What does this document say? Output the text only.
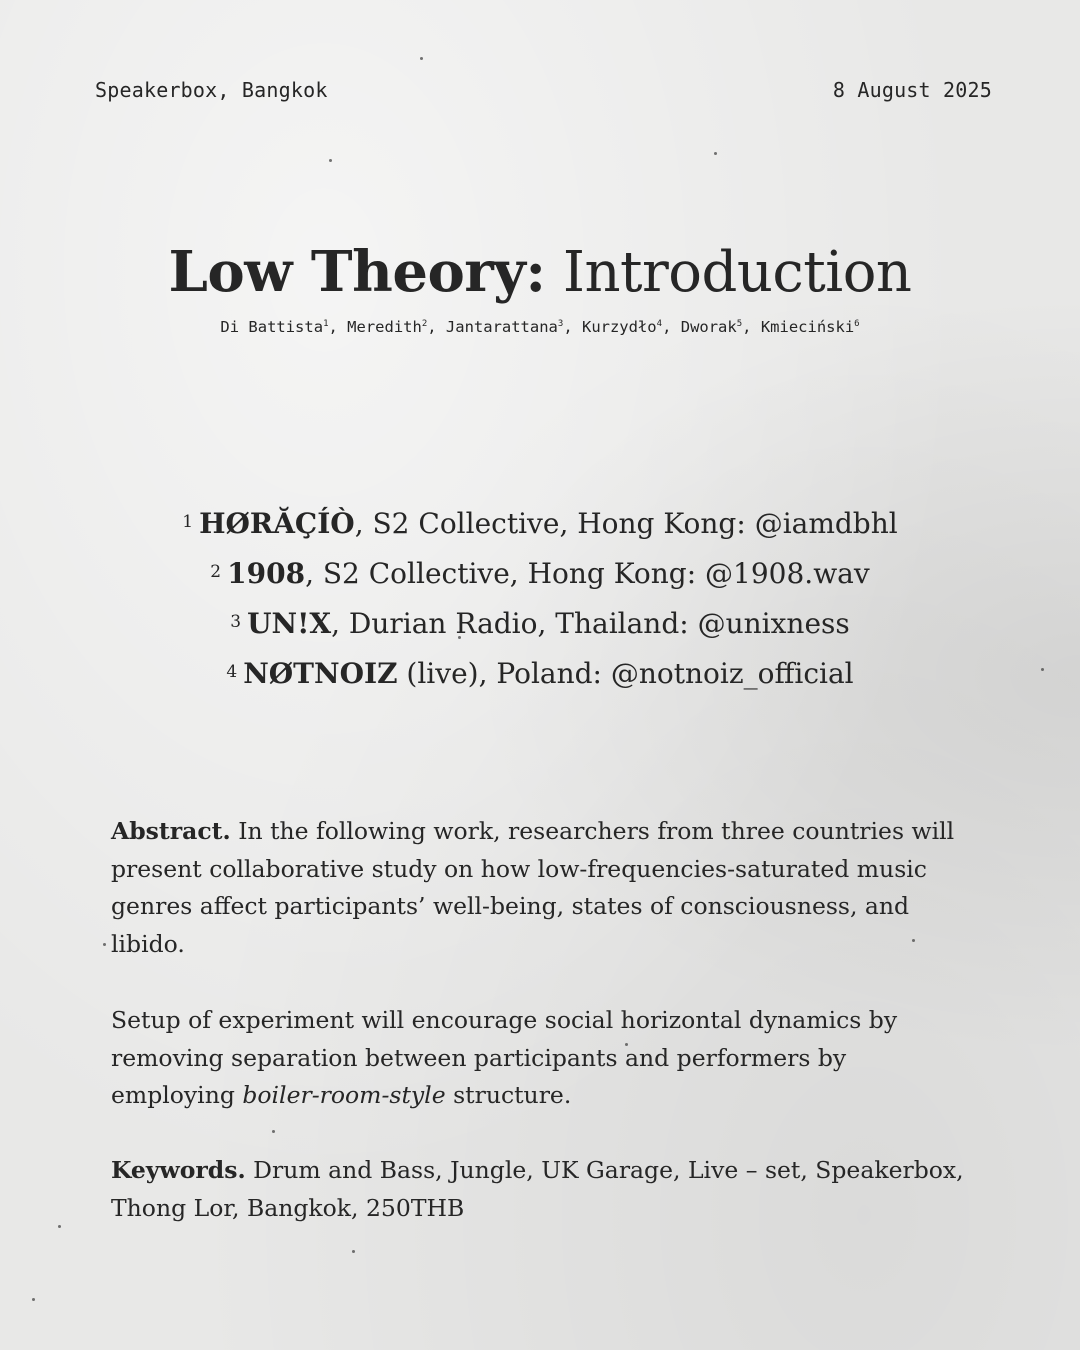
Speakerbox, Bangkok	8 August 2025
Low Theory: Introduction
Di Battista$^1$, Meredith$^2$, Jantarattana$^3$, Kurzydło$^4$, Dworak$^5$, Kmieciński$^6$
$^1$ HØRĂÇÍÒ, S2 Collective, Hong Kong: @iamdbhl
$^2$ 1908, S2 Collective, Hong Kong: @1908.wav
$^3$ UN!X, Durian Radio, Thailand: @unixness
$^4$ NØTNOIZ (live), Poland: @notnoiz_official
Abstract. In the following work, researchers from three countries will present collaborative study on how low-frequencies-saturated music genres affect participants’ well-being, states of consciousness, and libido.
Setup of experiment will encourage social horizontal dynamics by removing separation between participants and performers by employing boiler-room-style structure.
Keywords. Drum and Bass, Jungle, UK Garage, Live – set, Speakerbox, Thong Lor, Bangkok, 250THB
